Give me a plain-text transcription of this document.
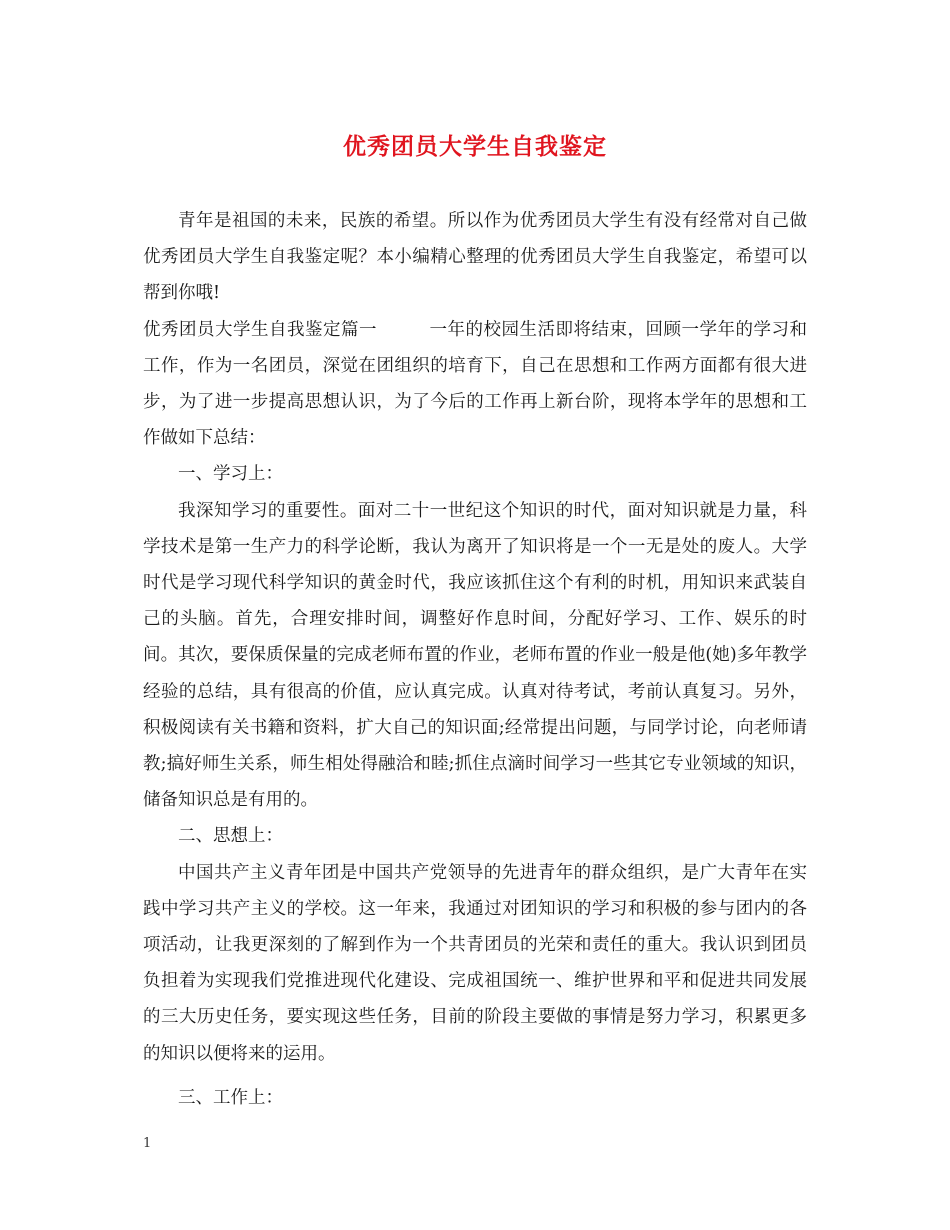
优秀团员大学生自我鉴定

青年是祖国的未来，民族的希望。所以作为优秀团员大学生有没有经常对自己做优秀团员大学生自我鉴定呢？本小编精心整理的优秀团员大学生自我鉴定，希望可以帮到你哦!

优秀团员大学生自我鉴定篇一	一年的校园生活即将结束，回顾一学年的学习和工作，作为一名团员，深觉在团组织的培育下，自己在思想和工作两方面都有很大进步，为了进一步提高思想认识，为了今后的工作再上新台阶，现将本学年的思想和工作做如下总结：

一、学习上：

我深知学习的重要性。面对二十一世纪这个知识的时代，面对知识就是力量，科学技术是第一生产力的科学论断，我认为离开了知识将是一个一无是处的废人。大学时代是学习现代科学知识的黄金时代，我应该抓住这个有利的时机，用知识来武装自己的头脑。首先，合理安排时间，调整好作息时间，分配好学习、工作、娱乐的时间。其次，要保质保量的完成老师布置的作业，老师布置的作业一般是他(她)多年教学经验的总结，具有很高的价值，应认真完成。认真对待考试，考前认真复习。另外，积极阅读有关书籍和资料，扩大自己的知识面;经常提出问题，与同学讨论，向老师请教;搞好师生关系，师生相处得融洽和睦;抓住点滴时间学习一些其它专业领域的知识，储备知识总是有用的。

二、思想上：

中国共产主义青年团是中国共产党领导的先进青年的群众组织，是广大青年在实践中学习共产主义的学校。这一年来，我通过对团知识的学习和积极的参与团内的各项活动，让我更深刻的了解到作为一个共青团员的光荣和责任的重大。我认识到团员负担着为实现我们党推进现代化建设、完成祖国统一、维护世界和平和促进共同发展的三大历史任务，要实现这些任务，目前的阶段主要做的事情是努力学习，积累更多的知识以便将来的运用。

三、工作上：

1
